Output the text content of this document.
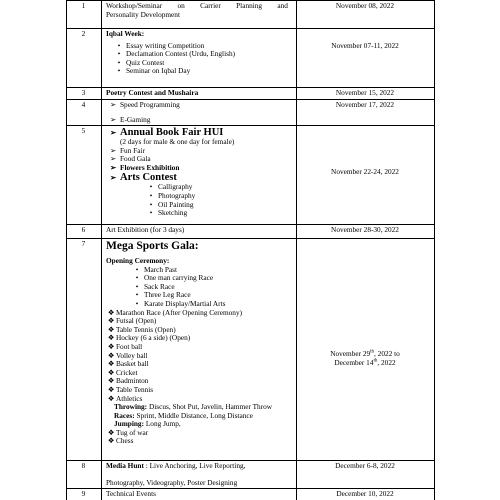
1	Workshop/Seminar on Carrier Planning and
Personality Development
November 08, 2022
2	Iqbal Week:
• Essay writing Competition
• Declamation Contest (Urdu, English)
• Quiz Contest
• Seminar on Iqbal Day
November 07-11, 2022
3	Poetry Contest and Mushaira	November 15, 2022
4	➢ Speed Programming
➢ E-Gaming
November 17, 2022
5	➢ Annual Book Fair HUI
(2 days for male & one day for female)
➢ Fun Fair
➢ Food Gala
➢ Flowers Exhibition
➢ Arts Contest
• Calligraphy
• Photography
• Oil Painting
• Sketching
November 22-24, 2022
6	Art Exhibition (for 3 days)	November 28-30, 2022
7	Mega Sports Gala:
Opening Ceremony:
• March Past
• One man carrying Race
• Sack Race
• Three Leg Race
• Karate Display/Martial Arts
❖ Marathon Race (After Opening Ceremony)
❖ Futsal (Open)
❖ Table Tennis (Open)
❖ Hockey (6 a side) (Open)
❖ Foot ball
❖ Volley ball
❖ Basket ball
❖ Cricket
❖ Badminton
❖ Table Tennis
❖ Athletics
Throwing: Discus, Shot Put, Javelin, Hammer Throw
Races: Sprint, Middle Distance, Long Distance
Jumping: Long Jump,
❖ Tug of war
❖ Chess
November 29th, 2022 to
December 14th, 2022
8	Media Hunt : Live Anchoring, Live Reporting,
Photography, Videography, Poster Designing
December 6-8, 2022
9	Technical Events	December 10, 2022
